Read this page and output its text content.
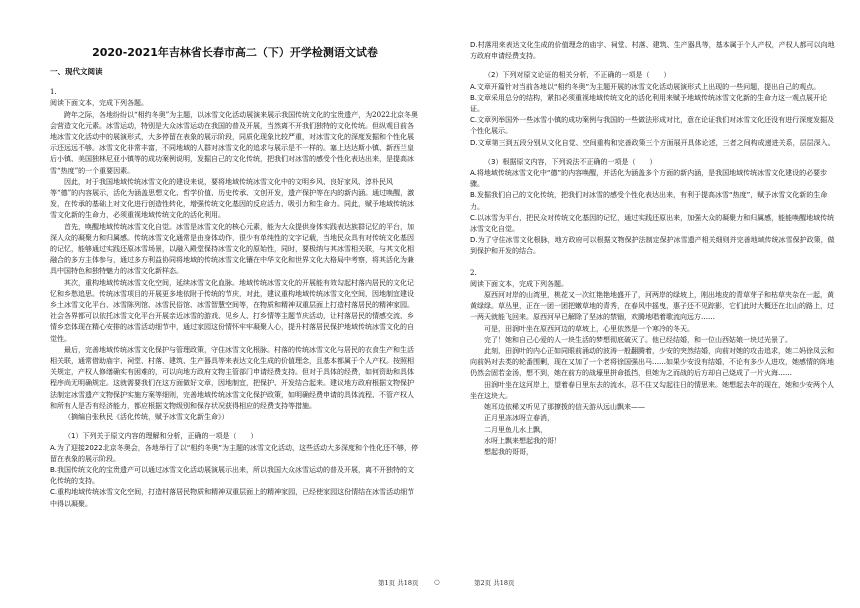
2020-2021年吉林省长春市高二（下）开学检测语文试卷

一、现代文阅读

1.

阅读下面文本，完成下列各题。

跨年之际，各地纷纷以“相约冬奥”为主题，以冰雪文化活动展演来展示我国传统文化的宝贵遗产，为2022北京冬奥会营造文化元素。冰雪运动，特别是大众冰雪运动在我国的普及开展，当然离不开我们独特的文化传统。但纵观目前各地冰雪文化活动中的展演形式，大多停留在表象的展示阶段，同质化现象比较严重，对冰雪文化的深度发掘和个性化展示还远远不够。冰雪文化非常丰富，不同地域的人群对冰雪文化的追求与展示是不一样的。塞上达达斯小镇、新西兰皇后小镇、美国独林尼亚小镇等的成功案例说明，发掘自己的文化传统，把我们对冰雪的感受个性化表达出来，是提高冰雪“热度”的一个重要因素。

因此，对于我国地域传统冰雪文化的建设来说，要将地域传统冰雪文化中的文明乡风、良好家风、淳朴民风等“德”的内容展示，活化为涵盖思想文化、哲学价值、历史传承、文创开发，遗产保护等在内的新内涵。通过唤醒，激发，在传承的基础上对文化进行创造性转化，增强传统文化基因的反应活力、吸引力和生命力。同此，赋予地域传统冰雪文化新的生命力，必须重视地域传统文化的活化利用。

首先，唤醒地域传统冰雪文化自觉。冰雪是冰雪文化的核心元素，能为大众提供身体实践表达族群记忆的平台，加深人众的凝聚力和归属感。传统冰雪文化通常是由身体动作，很少有单纯性的文字记载，当地民众具有对传统文化基因的记忆，能够通过实践还原冰雪场景，以融入殿堂保持冰雪文化的原始性，同时，要极纳与其冰雪相关联，与其文化相融合的多方主体参与，通过多方利益协同将地域的传统冰雪文化镶在中华文化和世界文化大格局中考察，将其活化为兼具中国特色和独特魅力的冰雪文化新样态。

其次，重构地域传统冰雪文化空间，延续冰雪文化血脉。地域传统冰雪文化的开展能有效勾起村落内居民的文化记忆和乡愁追思。传统冰雪项目的开展更多地依附于传统的节庆，对此，建议重构地域传统冰雪文化空间，因地制宜建设乡土冰雪文化平台、冰雪陈列馆、冰雪民俗馆、冰雪智慧空间等，在物质和精神双重层面上打造村落居民的精神家园。社会各界都可以依托冰雪文化平台开展亲近冰雪的游戏、见乡人、打乡情等主题节庆活动，让村落居民的情感交流、乡情乡恋体现在精心安排的冰雪活动细节中，通过家园这份情怀牢牢凝聚人心，提升村落居民保护地域传统冰雪文化的自觉性。

最后，完善地域传统冰雪文化保护与管理政策，守住冰雪文化根脉。村落的传统冰雪文化与居民的衣食生产和生活相关联，通常借助庙宇、祠堂、村落、建筑、生产器具等来表达文化生成的价值理念，且基本都属于个人产权。按照相关规定，产权人修缮确实有困难的，可以向地方政府文物主管部门申请经费支持。但对于具体的经费，如何资助和具体程序尚无明确规定。这就需要我们在这方面做好文章，因地制宜，把保护、开发结合起来。建议地方政府根据文物保护法制定冰雪遗产文物保护实施方案等细则，完善地域传统冰雪文化保护政策，如明确经费申请的具体流程、不管产权人和所有人是否有经济能力，都应根据文物级别和保存状况获得相应的经费支持等措施。

（摘编自张秋民《活化传统，赋予冰雪文化新生命》）

（1）下列关于原文内容的理解和分析，正确的一项是（　　）

A.为了迎接2022北京冬奥会，各地举行了以“相约冬奥”为主题的冰雪文化活动，这些活动大多深度和个性化还不够，停留在表象的展示阶段。

B.我国传统文化的宝贵遗产可以通过冰雪文化活动展演展示出来，所以我国大众冰雪运动的普及开展，离不开独特的文化传统的支持。

C.重构地域传统冰雪文化空间，打造村落居民物质和精神双重层面上的精神家园，已经使家园这份情结在冰雪活动细节中得以凝聚。

D.村落用来表达文化生成的价值理念的庙宇、祠堂、村落、建筑、生产器具等，基本属于个人产权，产权人都可以向地方政府申请经费支持。

（2）下列对原文论证的相关分析，不正确的一项是（　　）

A.文章开篇针对当前各地以“相约冬奥”为主题开展的冰雪文化活动展演形式上出现的一些问题，提出自己的观点。

B.文章采用总分的结构，紧扣必须重视地域传统文化的活化利用来赋予地域传统冰雪文化新的生命力这一观点展开论证。

C.文章列举国外一些冰雪小镇的成功案例与我国的一些做法形成对比，意在论证我们对冰雪文化还没有进行深度发掘及个性化展示。

D.文章第三到五段分别从文化自觉、空间重构和完善政策三个方面展开具体论述，三者之间构成递进关系，层层深入。

（3）根据原文内容，下列说法不正确的一项是（　　）

A.将地域传统冰雪文化中“德”的内容唤醒，并活化为涵盖多个方面的新内涵，是我国地域传统冰雪文化建设的必要步骤。

B.发掘我们自己的文化传统，把我们对冰雪的感受个性化表达出来，有利于提高冰雪“热度”，赋予冰雪文化新的生命力。

C.以冰雪为平台，把民众对传统文化基因的记忆，通过实践还原出来，加强大众的凝聚力和归属感，能能唤醒地域传统冰雪文化自觉。

D.为了守住冰雪文化根脉，地方政府可以根据文物保护法制定保护冰雪遗产相关细则并完善地域传统冰雪保护政策，做到保护和开发的结合。

2.

阅读下面文本，完成下列各题。

原西河对岸的山湾里，桃花又一次红艳艳地盛开了，河两岸的绿坡上，刚出地皮的青草芽子和枯草夹杂在一起，黄黄绿绿。草丛里，正在一团一团把嫩草地的青秀，在春风中摇曳，惠子还不见踪影，它们此时大概还在北山的路上，过一两天就能飞回来。原西河早已解除了坚冰的禁锢，欢腾地唱着歌流向远方……

可是，田润叶坐在原西河边的草坡上，心里依然是一个寒冷的冬天。

完了！她和自己心爱的人一块生活的梦想彻底破灭了。他已经结婚，和一位山西姑娘一块过光景了。

此刻，田润叶的内心正如同眼前涌动的波涛一般翻腾着，少安的突然结婚，向前对她的攻击追求，她二妈徐凤云和向前妈对去类的轮番围剿，现在又加了一个老将徐国强出马……如果少安没有结婚，不论有多少人进攻，她感情的阵地仍然会固若金汤，想不到，她在前方的战壕里拼命抵挡，但她为之而战的后方却自己烧成了一片火海……

田润叶坐在这河岸上，望着春日里东去的流水，忍不住又勾起往日的情思来。她想起去年的现在，她和少安两个人坐在这块大。

她耳边依稀又听见了那撩拨的信天游从远山飘来——

正月里冻冰呀立春消，

二月里鱼儿水上飘，

水呀上飘来想起我的哥！

想起我的哥哥，

第1页 共18页 ○	第2页 共18页
